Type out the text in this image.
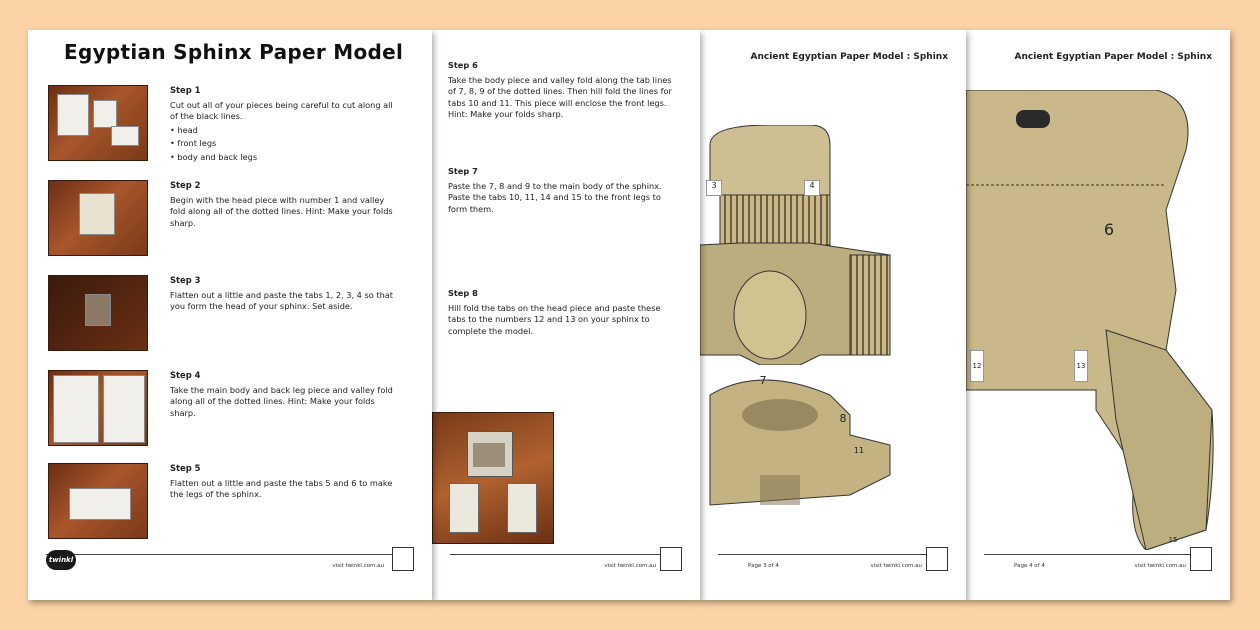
Egyptian Sphinx Paper Model
Step 1
Cut out all of your pieces being careful to cut along all of the black lines.
• head
• front legs
• body and back legs
Step 2
Begin with the head piece with number 1 and valley fold along all of the dotted lines. Hint: Make your folds sharp.
Step 3
Flatten out a little and paste the tabs 1, 2, 3, 4 so that you form the head of your sphinx. Set aside.
Step 4
Take the main body and back leg piece and valley fold along all of the dotted lines. Hint: Make your folds sharp.
Step 5
Flatten out a little and paste the tabs 5 and 6 to make the legs of the sphinx.
twinkl
visit twinkl.com.au
Step 6
Take the body piece and valley fold along the tab lines of 7, 8, 9 of the dotted lines. Then hill fold the lines for tabs 10 and 11. This piece will enclose the front legs. Hint: Make your folds sharp.
Step 7
Paste the 7, 8 and 9 to the main body of the sphinx. Paste the tabs 10, 11, 14 and 15 to the front legs to form them.
Step 8
Hill fold the tabs on the head piece and paste these tabs to the numbers 12 and 13 on your sphinx to complete the model.
visit twinkl.com.au
Ancient Egyptian Paper Model : Sphinx
3	4
7
8
11
Page 3 of 4	visit twinkl.com.au
Ancient Egyptian Paper Model : Sphinx
6
12	13
15
Page 4 of 4	visit twinkl.com.au
